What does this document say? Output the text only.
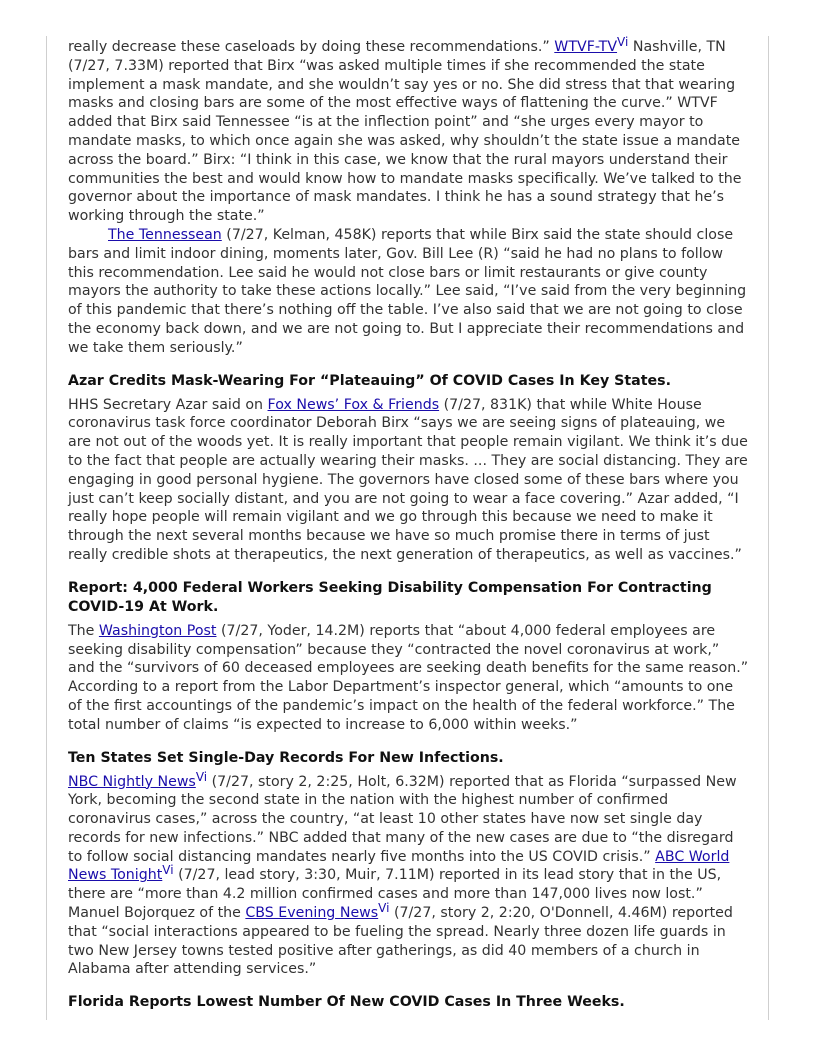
really decrease these caseloads by doing these recommendations.” WTVF-$TV^{Vi}$ Nashville, TN (7/27, 7.33M) reported that Birx “was asked multiple times if she recommended the state implement a mask mandate, and she wouldn’t say yes or no. She did stress that that wearing masks and closing bars are some of the most effective ways of flattening the curve.” WTVF added that Birx said Tennessee “is at the inflection point” and “she urges every mayor to mandate masks, to which once again she was asked, why shouldn’t the state issue a mandate across the board.” Birx: “I think in this case, we know that the rural mayors understand their communities the best and would know how to mandate masks specifically. We’ve talked to the governor about the importance of mask mandates. I think he has a sound strategy that he’s working through the state.”

The Tennessean (7/27, Kelman, 458K) reports that while Birx said the state should close bars and limit indoor dining, moments later, Gov. Bill Lee (R) “said he had no plans to follow this recommendation. Lee said he would not close bars or limit restaurants or give county mayors the authority to take these actions locally.” Lee said, “I’ve said from the very beginning of this pandemic that there’s nothing off the table. I’ve also said that we are not going to close the economy back down, and we are not going to. But I appreciate their recommendations and we take them seriously.”

Azar Credits Mask-Wearing For “Plateauing” Of COVID Cases In Key States.

HHS Secretary Azar said on Fox News’ Fox & Friends (7/27, 831K) that while White House coronavirus task force coordinator Deborah Birx “says we are seeing signs of plateauing, we are not out of the woods yet. It is really important that people remain vigilant. We think it’s due to the fact that people are actually wearing their masks. ... They are social distancing. They are engaging in good personal hygiene. The governors have closed some of these bars where you just can’t keep socially distant, and you are not going to wear a face covering.” Azar added, “I really hope people will remain vigilant and we go through this because we need to make it through the next several months because we have so much promise there in terms of just really credible shots at therapeutics, the next generation of therapeutics, as well as vaccines.”

Report: 4,000 Federal Workers Seeking Disability Compensation For Contracting COVID-19 At Work.

The Washington Post (7/27, Yoder, 14.2M) reports that “about 4,000 federal employees are seeking disability compensation” because they “contracted the novel coronavirus at work,” and the “survivors of 60 deceased employees are seeking death benefits for the same reason.” According to a report from the Labor Department’s inspector general, which “amounts to one of the first accountings of the pandemic’s impact on the health of the federal workforce.” The total number of claims “is expected to increase to 6,000 within weeks.”

Ten States Set Single-Day Records For New Infections.

NBC Nightly News$^{Vi}$ (7/27, story 2, 2:25, Holt, 6.32M) reported that as Florida “surpassed New York, becoming the second state in the nation with the highest number of confirmed coronavirus cases,” across the country, “at least 10 other states have now set single day records for new infections.” NBC added that many of the new cases are due to “the disregard to follow social distancing mandates nearly five months into the US COVID crisis.” ABC World News Tonight$^{Vi}$ (7/27, lead story, 3:30, Muir, 7.11M) reported in its lead story that in the US, there are “more than 4.2 million confirmed cases and more than 147,000 lives now lost.” Manuel Bojorquez of the CBS Evening News$^{Vi}$ (7/27, story 2, 2:20, O'Donnell, 4.46M) reported that “social interactions appeared to be fueling the spread. Nearly three dozen life guards in two New Jersey towns tested positive after gatherings, as did 40 members of a church in Alabama after attending services.”

Florida Reports Lowest Number Of New COVID Cases In Three Weeks.
